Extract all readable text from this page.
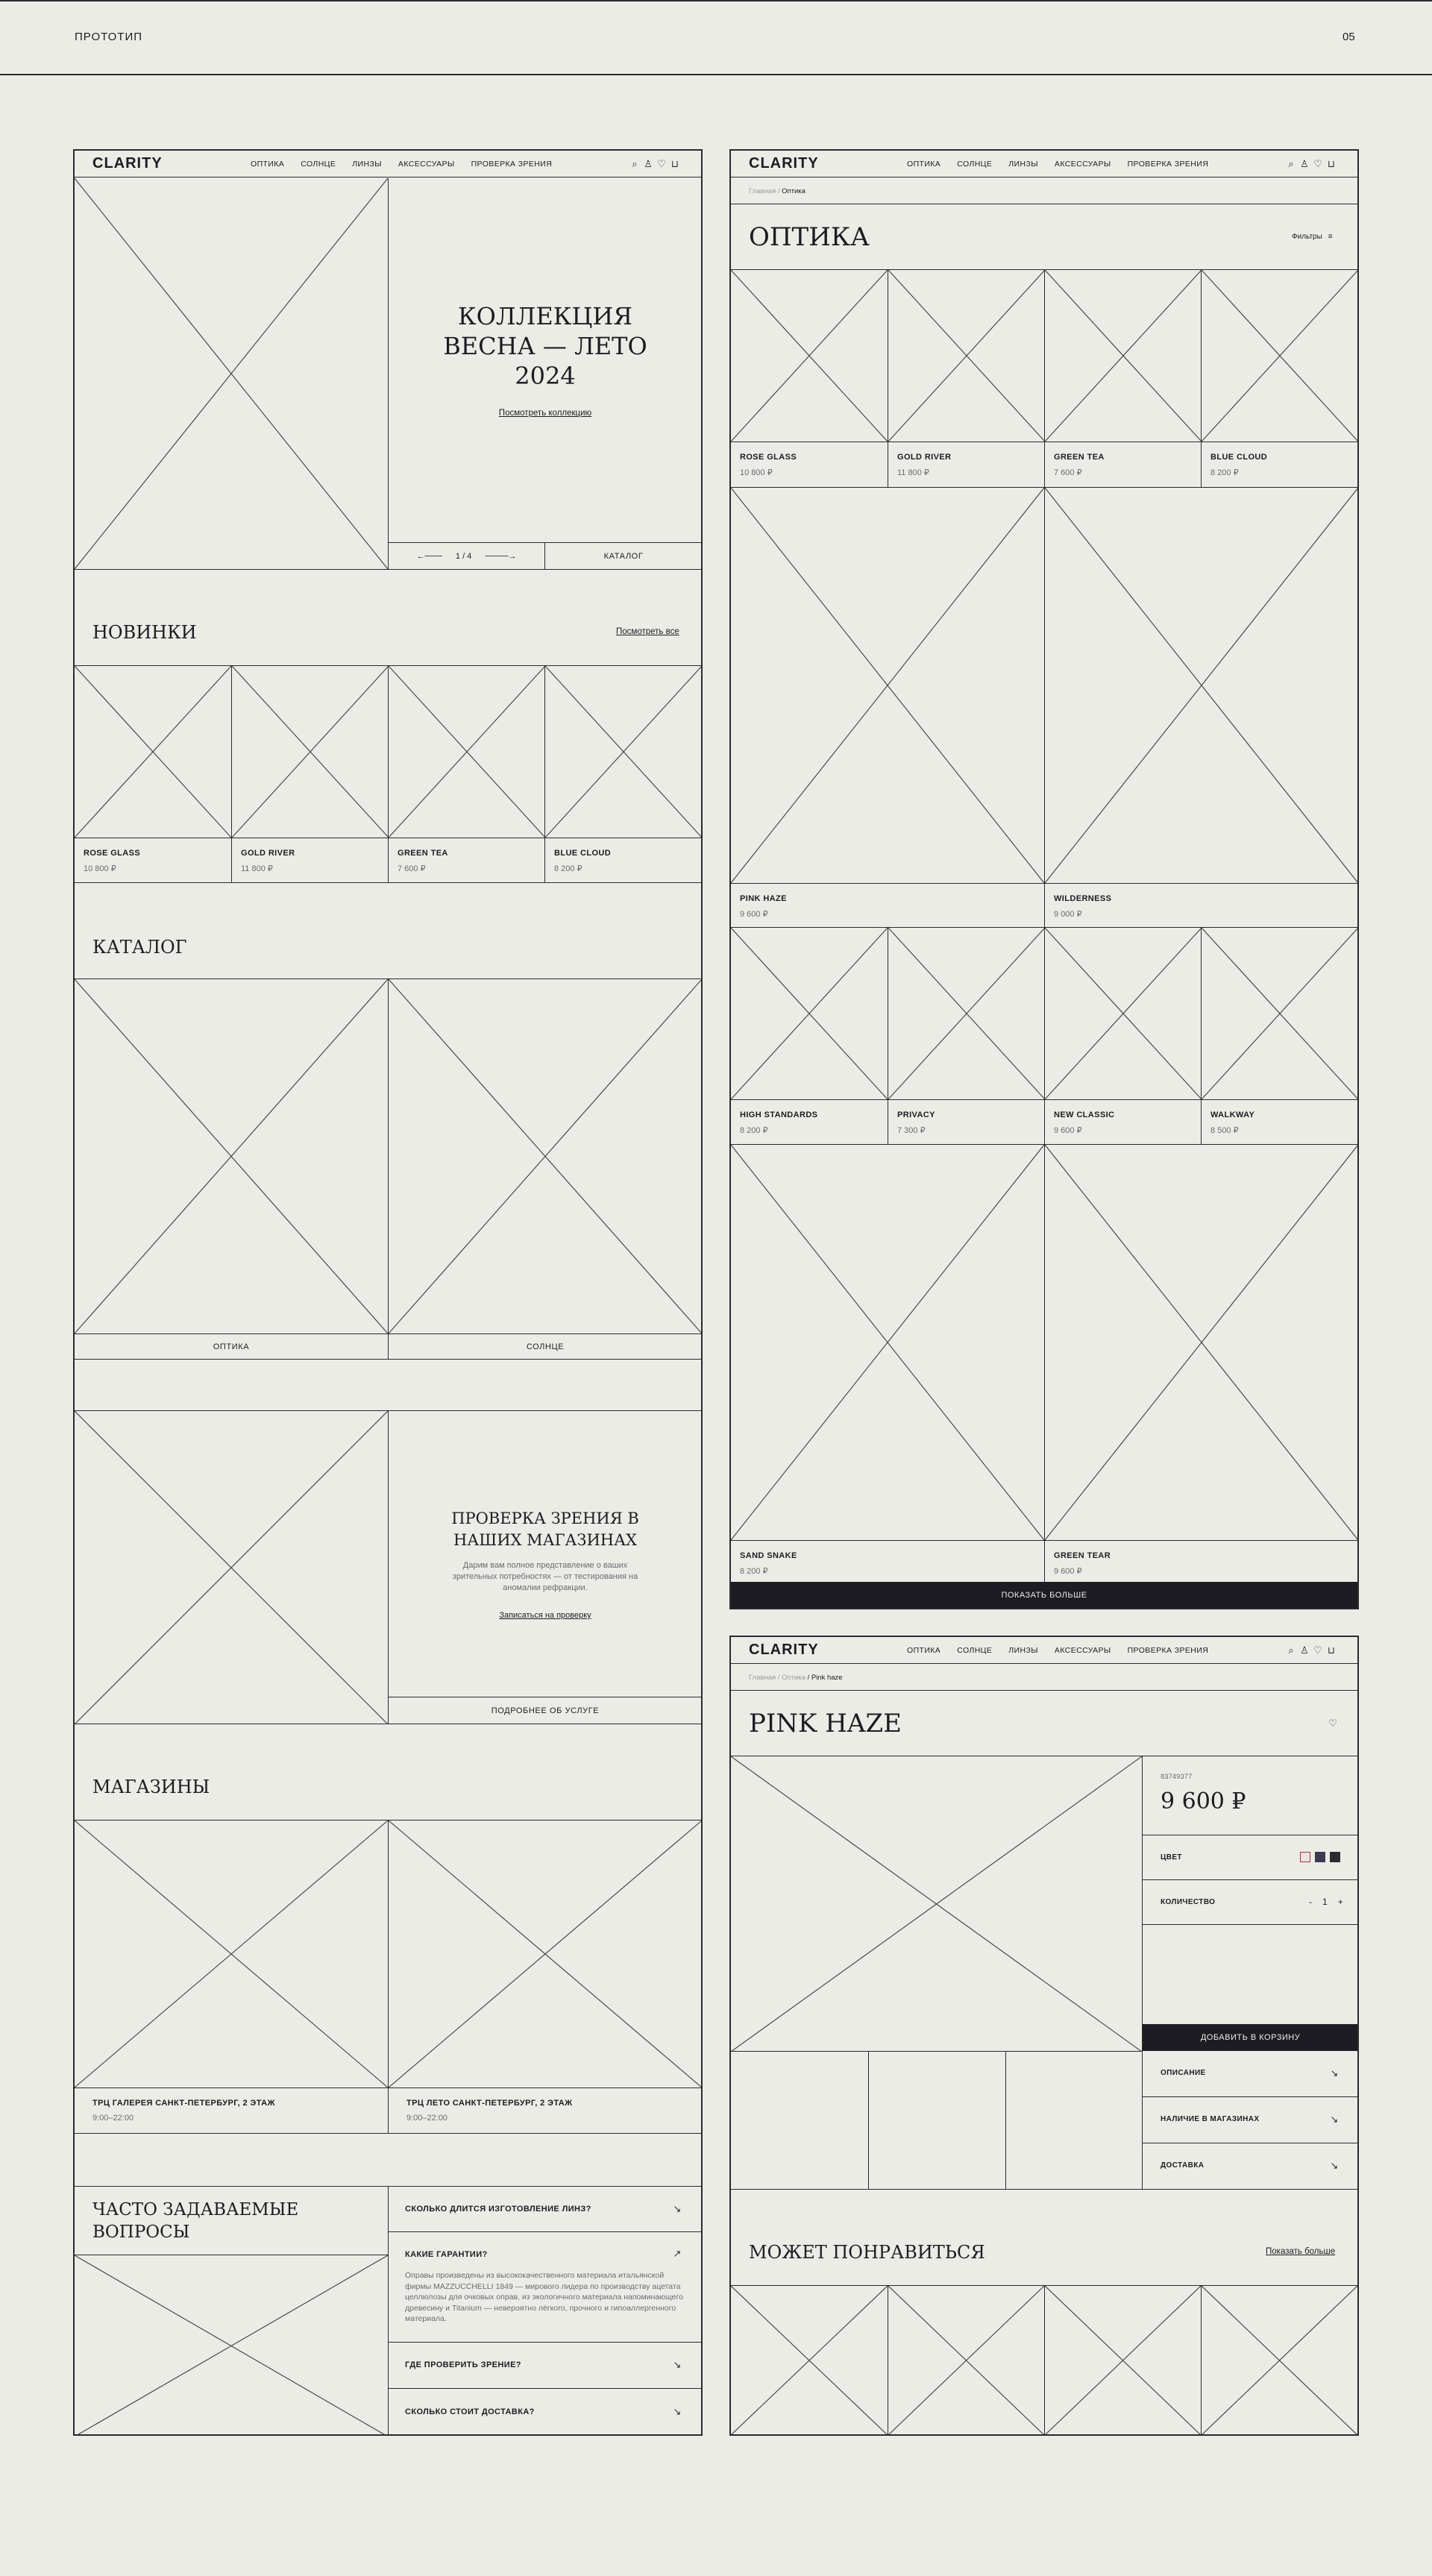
ПРОТОТИП	05
CLARITY	ОПТИКА СОЛНЦЕ ЛИНЗЫ АКСЕССУАРЫ ПРОВЕРКА ЗРЕНИЯ	⌕ ♙ ♡ ⊔
КОЛЛЕКЦИЯ ВЕСНА — ЛЕТО 2024
Посмотреть коллекцию
←─── 1 / 4 ────→	КАТАЛОГ
НОВИНКИ	Посмотреть все
ROSE GLASS
10 800 ₽
GOLD RIVER
11 800 ₽
GREEN TEA
7 600 ₽
BLUE CLOUD
8 200 ₽
КАТАЛОГ
ОПТИКА	СОЛНЦЕ
ПРОВЕРКА ЗРЕНИЯ В НАШИХ МАГАЗИНАХ
Дарим вам полное представление о ваших зрительных потребностях — от тестирования на аномалии рефракции.
Записаться на проверку
ПОДРОБНЕЕ ОБ УСЛУГЕ
МАГАЗИНЫ
ТРЦ ГАЛЕРЕЯ САНКТ-ПЕТЕРБУРГ, 2 ЭТАЖ
9:00–22:00
ТРЦ ЛЕТО САНКТ-ПЕТЕРБУРГ, 2 ЭТАЖ
9:00–22:00
ЧАСТО ЗАДАВАЕМЫЕ ВОПРОСЫ
СКОЛЬКО ДЛИТСЯ ИЗГОТОВЛЕНИЕ ЛИНЗ?	↘
КАКИЕ ГАРАНТИИ?	↗
Оправы произведены из высококачественного материала итальянской фирмы MAZZUCCHELLI 1849 — мирового лидера по производству ацетата целлюлозы для очковых оправ, из экологичного материала напоминающего древесину и Titanium — невероятно лёгкого, прочного и гипоаллергенного материала.
ГДЕ ПРОВЕРИТЬ ЗРЕНИЕ?	↘
СКОЛЬКО СТОИТ ДОСТАВКА?	↘
CLARITY	ОПТИКА СОЛНЦЕ ЛИНЗЫ АКСЕССУАРЫ ПРОВЕРКА ЗРЕНИЯ	⌕ ♙ ♡ ⊔
Главная / Оптика
ОПТИКА	Фильтры ≡
ROSE GLASS
10 800 ₽
GOLD RIVER
11 800 ₽
GREEN TEA
7 600 ₽
BLUE CLOUD
8 200 ₽
PINK HAZE
9 600 ₽
WILDERNESS
9 000 ₽
HIGH STANDARDS
8 200 ₽
PRIVACY
7 300 ₽
NEW CLASSIC
9 600 ₽
WALKWAY
8 500 ₽
SAND SNAKE
8 200 ₽
GREEN TEAR
9 600 ₽
ПОКАЗАТЬ БОЛЬШЕ
CLARITY	ОПТИКА СОЛНЦЕ ЛИНЗЫ АКСЕССУАРЫ ПРОВЕРКА ЗРЕНИЯ	⌕ ♙ ♡ ⊔
Главная / Оптика / Pink haze
PINK HAZE	♡
83749377
9 600 ₽
ЦВЕТ
КОЛИЧЕСТВО	- 1 +
ДОБАВИТЬ В КОРЗИНУ
ОПИСАНИЕ	↘
НАЛИЧИЕ В МАГАЗИНАХ	↘
ДОСТАВКА	↘
МОЖЕТ ПОНРАВИТЬСЯ	Показать больше
